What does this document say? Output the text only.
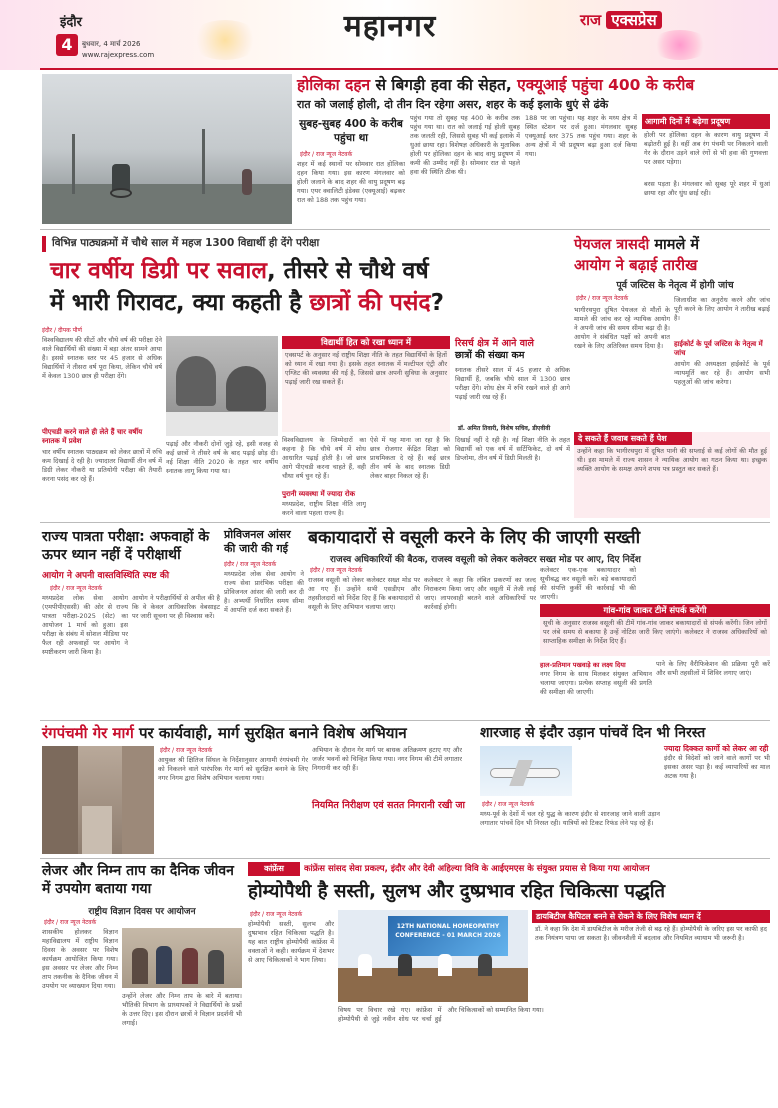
इंदौर
4	बुधवार, 4 मार्च 2026
www.rajexpress.com
महानगर	राज एक्सप्रेस
होलिका दहन से बिगड़ी हवा की सेहत, एक्यूआई पहुंचा 400 के करीब
रात को जलाई होली, दो तीन दिन रहेगा असर, शहर के कई इलाके धुएं से ढंके
सुबह-सुबह 400 के करीब पहुंचा था
इंदौर / राज न्यूज नेटवर्क
शहर में कई स्थानों पर सोमवार रात होलिका दहन किया गया। इस कारण मंगलवार को होली जलाने के बाद शहर की वायु प्रदूषण बढ़ गया। एयर क्वालिटी इंडेक्स (एक्यूआई) बढ़कर रात को 188 तक पहुंच गया।
पहुंच गया तो सुबह यह 400 के करीब तक पहुंच गया था। रात को जलाई गई होली सुबह तक जलती रही, जिससे सुबह भी कई इलाके में धुआं छाया रहा। विशेषज्ञ अधिकारी के मुताबिक होली पर होलिका दहन के बाद वायु प्रदूषण में कमी की उम्मीद नहीं है। सोमवार रात से पहले हवा की स्थिति ठीक थी।
188 पर जा पहुंचा। यह शहर के मध्य क्षेत्र में स्थित स्टेशन पर दर्ज हुआ। मंगलवार सुबह एक्यूआई स्तर 375 तक पहुंच गया। शहर के अन्य क्षेत्रों में भी प्रदूषण बढ़ा हुआ दर्ज किया गया।
आगामी दिनों में बढ़ेगा प्रदूषण
होली पर होलिका दहन के कारण वायु प्रदूषण में बढ़ोतरी हुई है। वहीं अब रंग पंचमी पर निकलने वाली गेर के दौरान उड़ने वाले रंगों से भी हवा की गुणवत्ता पर असर पड़ेगा।
बरस पड़ता है। मंगलवार को सुबह पूरे शहर में धुआं छाया रहा और धुंध छाई रही।
विभिन्न पाठ्यक्रमों में चौथे साल में महज 1300 विद्यार्थी ही देंगे परीक्षा
चार वर्षीय डिग्री पर सवाल, तीसरे से चौथे वर्ष
में भारी गिरावट, क्या कहती है छात्रों की पसंद?
इंदौर / दीपक पौर्ण
विश्वविद्यालय की सीटों और चौथे वर्ष की परीक्षा देने वाले विद्यार्थियों की संख्या में बड़ा अंतर सामने आया है। इससे स्नातक स्तर पर 45 हजार से अधिक विद्यार्थियों ने तीसरा वर्ष पूरा किया, लेकिन चौथे वर्ष में केवल 1300 छात्र ही परीक्षा देंगे।
पीएचडी करने वाले ही लेते हैं चार वर्षीय स्नातक में प्रवेश
चार वर्षीय स्नातक पाठ्यक्रम को लेकर छात्रों में रुचि कम दिखाई दे रही है। ज्यादातर विद्यार्थी तीन वर्ष में डिग्री लेकर नौकरी या प्रतियोगी परीक्षा की तैयारी करना पसंद कर रहे हैं।
पढ़ाई और नौकरी दोनों जुड़े रहे, इसी वजह से कई छात्रों ने तीसरे वर्ष के बाद पढ़ाई छोड़ दी। नई शिक्षा नीति 2020 के तहत चार वर्षीय स्नातक लागू किया गया था।
विद्यार्थी हित को रखा ध्यान में
एक्सपर्ट के अनुसार नई राष्ट्रीय शिक्षा नीति के तहत विद्यार्थियों के हितों को ध्यान में रखा गया है। इसके तहत स्नातक में मल्टीपल एंट्री और एग्जिट की व्यवस्था की गई है, जिससे छात्र अपनी सुविधा के अनुसार पढ़ाई जारी रख सकते हैं।
विश्वविद्यालय के जिम्मेदारों का कहना है कि चौथे वर्ष में शोध आधारित पढ़ाई होती है। जो छात्र आगे पीएचडी करना चाहते हैं, वही चौथा वर्ष चुन रहे हैं।
पुरानी व्यवस्था में ज्यादा रोक
मध्यप्रदेश, राष्ट्रीय शिक्षा नीति लागू करने वाला पहला राज्य है।
ऐसे में यह माना जा रहा है कि छात्र रोजगार केंद्रित शिक्षा को प्राथमिकता दे रहे हैं। कई छात्र तीन वर्ष के बाद स्नातक डिग्री लेकर बाहर निकल रहे हैं।
रिसर्च क्षेत्र में आने वाले
छात्रों की संख्या कम
स्नातक तीसरे साल में 45 हजार से अधिक विद्यार्थी हैं, जबकि चौथे साल में 1300 छात्र परीक्षा देंगे। शोध क्षेत्र में रुचि रखने वाले ही आगे पढ़ाई जारी रख रहे हैं।
डॉ. अमित तिवारी, विशेष सचिव, डीएवीवी
दिखाई नहीं दे रही है। नई शिक्षा नीति के तहत विद्यार्थी को एक वर्ष में सर्टिफिकेट, दो वर्ष में डिप्लोमा, तीन वर्ष में डिग्री मिलती है।
पेयजल त्रासदी मामले में
आयोग ने बढ़ाई तारीख
पूर्व जस्टिस के नेतृत्व में होगी जांच
इंदौर / राज न्यूज नेटवर्क
भागीरथपुरा दूषित पेयजल से मौतों के मामले की जांच कर रहे न्यायिक आयोग ने अपनी जांच की समय सीमा बढ़ा दी है। आयोग ने संबंधित पक्षों को अपनी बात रखने के लिए अतिरिक्त समय दिया है।
जिलाधीश का अनुरोध करने और जांच पूरी करने के लिए आयोग ने तारीख बढ़ाई है।
हाईकोर्ट के पूर्व जस्टिस के नेतृत्व में जांच
आयोग की अध्यक्षता हाईकोर्ट के पूर्व न्यायमूर्ति कर रहे हैं। आयोग सभी पहलुओं की जांच करेगा।
दे सकते हैं जवाब सकते हैं पेश
उन्होंने कहा कि भागीरथपुरा में दूषित पानी की सप्लाई से कई लोगों की मौत हुई थी। इस मामले में राज्य शासन ने न्यायिक आयोग का गठन किया था। इच्छुक व्यक्ति आयोग के समक्ष अपने शपथ पत्र प्रस्तुत कर सकते हैं।
राज्य पात्रता परीक्षा: अफवाहों के ऊपर ध्यान नहीं दें परीक्षार्थी
आयोग ने अपनी वास्तविस्थिति स्पष्ट की
इंदौर / राज न्यूज नेटवर्क
मध्यप्रदेश लोक सेवा आयोग (एमपीपीएससी) की ओर से राज्य पात्रता परीक्षा-2025 (सेट) का आयोजन 1 मार्च को हुआ। इस परीक्षा के संबंध में सोशल मीडिया पर फैल रही अफवाहों पर आयोग ने स्पष्टीकरण जारी किया है।
आयोग ने परीक्षार्थियों से अपील की है कि वे केवल आधिकारिक वेबसाइट पर जारी सूचना पर ही विश्वास करें।
प्रोविजनल आंसर की जारी की गई
इंदौर / राज न्यूज नेटवर्क
मध्यप्रदेश लोक सेवा आयोग ने राज्य सेवा प्रारंभिक परीक्षा की प्रोविजनल आंसर की जारी कर दी है। अभ्यर्थी निर्धारित समय सीमा में आपत्ति दर्ज करा सकते हैं।
बकायादारों से वसूली करने के लिए की जाएगी सख्ती
राजस्व अधिकारियों की बैठक, राजस्व वसूली को लेकर कलेक्टर सख्त मोड पर आए, दिए निर्देश
इंदौर / राज न्यूज नेटवर्क
राजस्व वसूली को लेकर कलेक्टर सख्त मोड पर आ गए हैं। उन्होंने सभी एसडीएम और तहसीलदारों को निर्देश दिए हैं कि बकायादारों से वसूली के लिए अभियान चलाया जाए।
कलेक्टर ने कहा कि लंबित प्रकरणों का जल्द निराकरण किया जाए और वसूली में तेजी लाई जाए। लापरवाही बरतने वाले अधिकारियों पर कार्रवाई होगी।
कलेक्टर एक-एक बकायादार को सूचीबद्ध कर वसूली करें। बड़े बकायादारों की संपत्ति कुर्की की कार्रवाई भी की जाएगी।
गांव-गांव जाकर टीमें संपर्क करेंगी
सूची के अनुसार राजस्व वसूली की टीमें गांव-गांव जाकर बकायादारों से संपर्क करेंगी। जिन लोगों पर लंबे समय से बकाया है उन्हें नोटिस जारी किए जाएंगे। कलेक्टर ने राजस्व अधिकारियों को साप्ताहिक समीक्षा के निर्देश दिए हैं।
हाल-प्रतिमान पखवाड़े का लक्ष्य दिया
नगर निगम के साथ मिलकर संयुक्त अभियान चलाया जाएगा। प्रत्येक सप्ताह वसूली की प्रगति की समीक्षा की जाएगी।
पाने के लिए वैरीफिकेशन की प्रक्रिया पूरी करें और सभी तहसीलों में शिविर लगाए जाएं।
रंगपंचमी गेर मार्ग पर कार्यवाही, मार्ग सुरक्षित बनाने विशेष अभियान
इंदौर / राज न्यूज नेटवर्क
आयुक्त श्री क्षितिज सिंघल के निर्देशानुसार आगामी रंगपंचमी गेर को निकलने वाले पारंपरिक गेर मार्ग को सुरक्षित बनाने के लिए नगर निगम द्वारा विशेष अभियान चलाया गया।
अभियान के दौरान गेर मार्ग पर बाधक अतिक्रमण हटाए गए और जर्जर भवनों को चिन्हित किया गया। नगर निगम की टीमें लगातार निगरानी कर रही हैं।
नियमित निरीक्षण एवं सतत निगरानी रखी जा
शारजाह से इंदौर उड़ान पांचवें दिन भी निरस्त
इंदौर / राज न्यूज नेटवर्क
मध्य-पूर्व के देशों में चल रहे युद्ध के कारण इंदौर से शारजाह जाने वाली उड़ान लगातार पांचवें दिन भी निरस्त रही। यात्रियों को टिकट रिफंड लेने पड़ रहे हैं।
ज्यादा दिक्कत कार्गो को लेकर आ रही
इंदौर से विदेशों को जाने वाले कार्गो पर भी इसका असर पड़ा है। कई व्यापारियों का माल अटक गया है।
लेजर और निम्न ताप का दैनिक जीवन में उपयोग बताया गया
राष्ट्रीय विज्ञान दिवस पर आयोजन
इंदौर / राज न्यूज नेटवर्क
शासकीय होलकर विज्ञान महाविद्यालय में राष्ट्रीय विज्ञान दिवस के अवसर पर विशेष कार्यक्रम आयोजित किया गया। इस अवसर पर लेजर और निम्न ताप तकनीक के दैनिक जीवन में उपयोग पर व्याख्यान दिया गया।
उन्होंने लेजर और निम्न ताप के बारे में बताया। भौतिकी विभाग के प्राध्यापकों ने विद्यार्थियों के प्रश्नों के उत्तर दिए। इस दौरान छात्रों ने विज्ञान प्रदर्शनी भी लगाई।
कांफ्रेंस	कांफ्रेंस सांसद सेवा प्रकल्प, इंदौर और देवी अहिल्या विवि के आईएमएस के संयुक्त प्रयास से किया गया आयोजन
होम्योपैथी है सस्ती, सुलभ और दुष्प्रभाव रहित चिकित्सा पद्धति
इंदौर / राज न्यूज नेटवर्क
होम्योपैथी सस्ती, सुलभ और दुष्प्रभाव रहित चिकित्सा पद्धति है। यह बात राष्ट्रीय होम्योपैथी कांफ्रेंस में वक्ताओं ने कही। कार्यक्रम में देशभर से आए चिकित्सकों ने भाग लिया।
12TH NATIONAL HOMEOPATHY CONFERENCE - 01 MARCH 2026
डायबिटीज कैपिटल बनने से रोकने के लिए विशेष ध्यान दें
डॉ. ने कहा कि देश में डायबिटीज के मरीज तेजी से बढ़ रहे हैं। होम्योपैथी के जरिए इस पर काफी हद तक नियंत्रण पाया जा सकता है। जीवनशैली में बदलाव और नियमित व्यायाम भी जरूरी है।
विषय पर विचार रखे गए। कांफ्रेंस में होम्योपैथी से जुड़े नवीन शोध पर चर्चा हुई और चिकित्सकों को सम्मानित किया गया।
